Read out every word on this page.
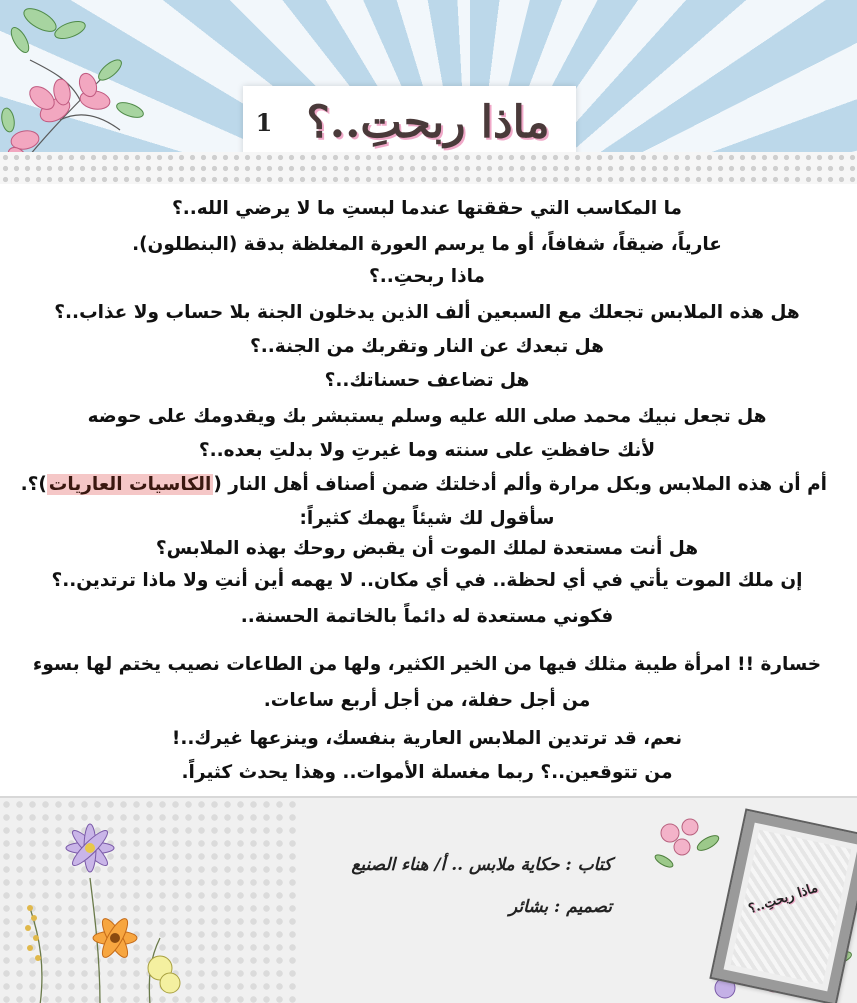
ماذا ربحتِ..؟
1
ما المكاسب التي حققتها عندما لبستِ ما لا يرضي الله..؟
عارياً، ضيقاً، شفافاً، أو ما يرسم العورة المغلظة بدقة (البنطلون).
ماذا ربحتِ..؟
هل هذه الملابس تجعلك مع السبعين ألف الذين يدخلون الجنة بلا حساب ولا عذاب..؟
هل تبعدك عن النار وتقربك من الجنة..؟
هل تضاعف حسناتك..؟
هل تجعل نبيك محمد صلى الله عليه وسلم يستبشر بك ويقدومك على حوضه
لأنك حافظتِ على سنته وما غيرتِ ولا بدلتِ بعده..؟
أم أن هذه الملابس وبكل مرارة وألم أدخلتك ضمن أصناف أهل النار (الكاسيات العاريات)؟.
سأقول لك شيئاً يهمك كثيراً:
هل أنت مستعدة لملك الموت أن يقبض روحك بهذه الملابس؟
إن ملك الموت يأتي في أي لحظة.. في أي مكان.. لا يهمه أين أنتِ ولا ماذا ترتدين..؟
فكوني مستعدة له دائماً بالخاتمة الحسنة..
خسارة !! امرأة طيبة مثلك فيها من الخير الكثير، ولها من الطاعات نصيب يختم لها بسوء
من أجل حفلة، من أجل أربع ساعات.
نعم، قد ترتدين الملابس العارية بنفسك، وينزعها غيرك..!
من تتوقعين..؟ ربما مغسلة الأموات.. وهذا يحدث كثيراً.
كتاب : حكاية ملابس .. أ/ هناء الصنيع
تصميم : بشائر	ماذا ربحتِ..؟
